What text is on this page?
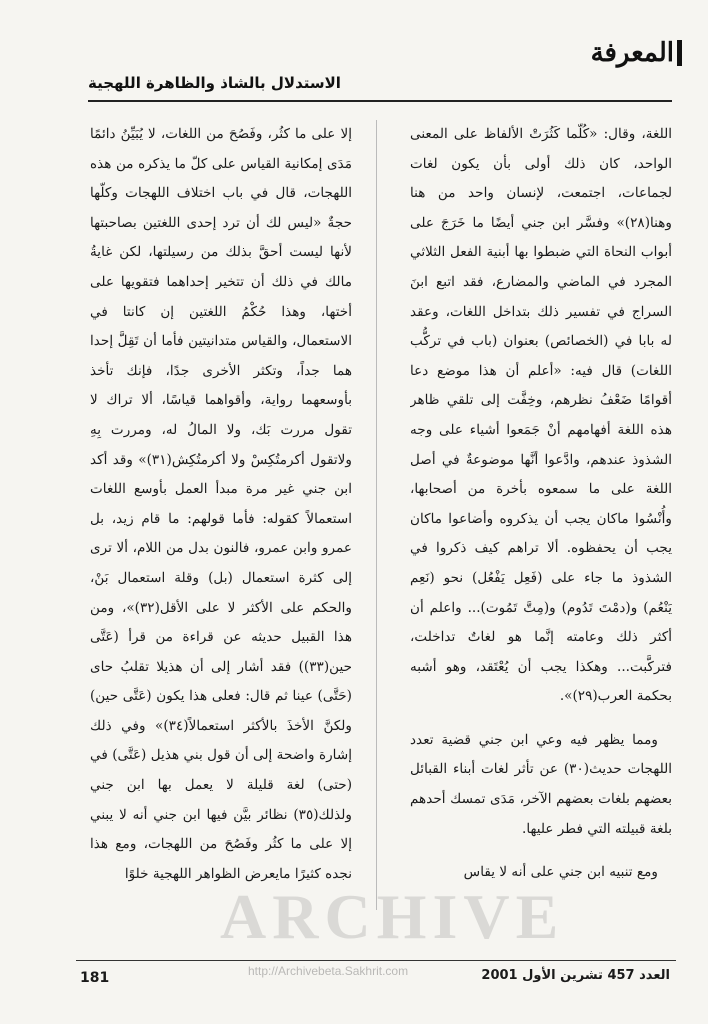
المعرفة
الاستدلال بالشاذ والظاهرة اللهجية

اللغة، وقال: «كُلّما كَثُرَتْ الألفاظ على المعنى الواحد، كان ذلك أولى بأن يكون لغات لجماعات، اجتمعت، لإنسان واحد من هنا وهنا(٢٨)» وفسَّر ابن جني أيضًا ما خَرَجَ على أبواب النحاة التي ضبطوا بها أبنية الفعل الثلاثي المجرد في الماضي والمضارع، فقد اتبع ابنَ السراج في تفسير ذلك بتداخل اللغات، وعقد له بابا في (الخصائص) بعنوان (باب في تركُّب اللغات) قال فيه: «أعلم أن هذا موضع دعا أقوامًا ضَعْفُ نظرهم، وخِفَّت إلى تلقي ظاهر هذه اللغة أفهامهم أنْ جَمَعوا أشياء على وجه الشذوذ عندهم، وادَّعوا أنَّها موضوعةٌ في أصل اللغة على ما سمعوه بأخرة من أصحابها، وأُنْسُوا ماكان يجب أن يذكروه وأضاعوا ماكان يجب أن يحفظوه. ألا تراهم كيف ذكروا في الشذوذ ما جاء على (فَعِل يَفْعُل) نحو (نَعِم يَنْعُم) و(دمْتَ تَدُوم) و(مِتَّ تَمُوت)... واعلم أن أكثر ذلك وعامته إنَّما هو لغاتٌ تداخلت، فتركَّبت... وهكذا يجب أن يُعْتَقد، وهو أشبه بحكمة العرب(٢٩)».

ومما يظهر فيه وعي ابن جني قضية تعدد اللهجات حديث(٣٠) عن تأثر لغات أبناء القبائل بعضهم بلغات بعضهم الآخر، مَدَى تمسك أحدهم بلغة قبيلته التي فطر عليها.

ومع تنبيه ابن جني على أنه لا يقاس

إلا على ما كثُر، وفَصُحَ من اللغات، لا يُبَيِّنُ دائمًا مَدَى إمكانية القياس على كلّ ما يذكره من هذه اللهجات، قال في باب اختلاف اللهجات وكلّها حجةٌ «ليس لك أن ترد إحدى اللغتين بصاحبتها لأنها ليست أحقَّ بذلك من رسيلتها، لكن غايةُ مالك في ذلك أن تتخير إحداهما فتقويها على أختها، وهذا حُكْمُ اللغتين إن كانتا في الاستعمال، والقياس متدانيتين فأما أن تَقِلَّ إحدا هما جداً، وتكثر الأخرى جدًا، فإنك تأخذ بأوسعهما رواية، وأقواهما قياسًا، ألا تراك لا تقول مررت بَك، ولا المالُ له، ومررت بِهِ ولاتقول أكرمتُكِسْ ولا أكرمتُكِش(٣١)» وقد أكد ابن جني غير مرة مبدأ العمل بأوسع اللغات استعمالاً كقوله: فأما قولهم: ما قام زيد، بل عمرو وابن عمرو، فالنون بدل من اللام، ألا ترى إلى كثرة استعمال (بل) وقلة استعمال بَنْ، والحكم على الأكثر لا على الأقل(٣٢)»، ومن هذا القبيل حديثه عن قراءة من قرأ (عَتَّى حين(٣٣)) فقد أشار إلى أن هذيلا تقلبُ حاى (حَتَّى) عينا ثم قال: فعلى هذا يكون (عَتَّى حين) ولكنَّ الأخذَ بالأكثر استعمالاً(٣٤)» وفي ذلك إشارة واضحة إلى أن قول بني هذيل (عَتَّى) في (حتى) لغة قليلة لا يعمل بها ابن جني ولذلك(٣٥) نظائر بيَّن فيها ابن جني أنه لا يبني إلا على ما كثُر وفَصُحَ من اللهجات، ومع هذا نجده كثيرًا مايعرض الظواهر اللهجية خلوًا

ARCHIVE
http://Archivebeta.Sakhrit.com
181	العدد 457 تشرين الأول 2001
